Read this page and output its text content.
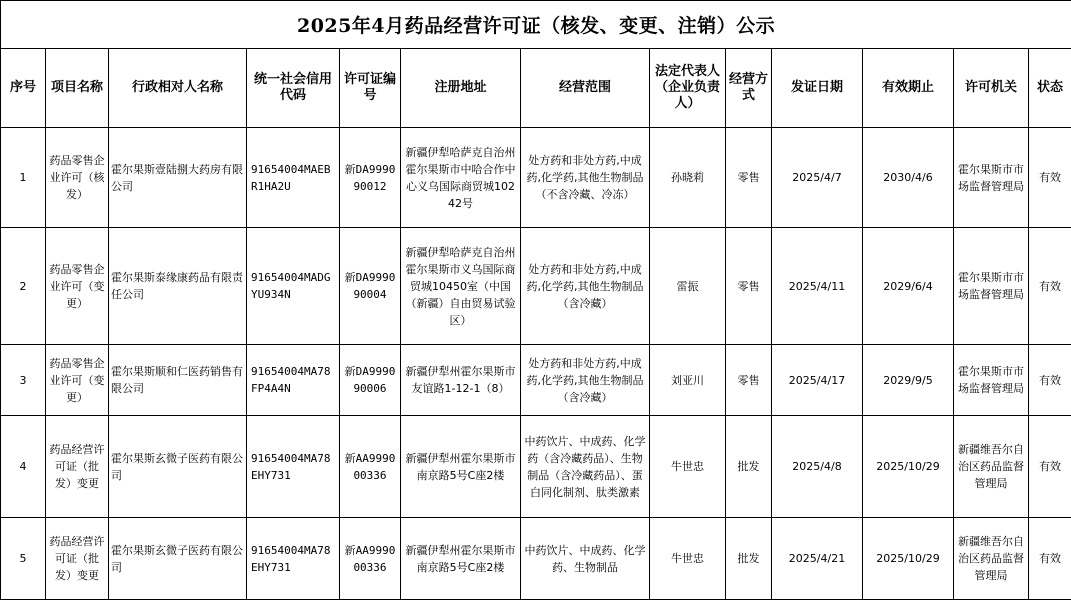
2025年4月药品经营许可证（核发、变更、注销）公示												
序号	项目名称	行政相对人名称	统一社会信用代码	许可证编号	注册地址	经营范围	法定代表人（企业负责人）	经营方式	发证日期	有效期止	许可机关	状态
1	药品零售企业许可（核发）	霍尔果斯壹陆捌大药房有限公司	91654004MAEBR1HA2U	新DA999090012	新疆伊犁哈萨克自治州霍尔果斯市中哈合作中心义乌国际商贸城10242号	处方药和非处方药,中成药,化学药,其他生物制品（不含冷藏、冷冻）	孙晓莉	零售	2025/4/7	2030/4/6	霍尔果斯市市场监督管理局	有效
2	药品零售企业许可（变更）	霍尔果斯泰缘康药品有限责任公司	91654004MADGYU934N	新DA999090004	新疆伊犁哈萨克自治州霍尔果斯市义乌国际商贸城10450室（中国（新疆）自由贸易试验区）	处方药和非处方药,中成药,化学药,其他生物制品（含冷藏）	雷振	零售	2025/4/11	2029/6/4	霍尔果斯市市场监督管理局	有效
3	药品零售企业许可（变更）	霍尔果斯顺和仁医药销售有限公司	91654004MA78FP4A4N	新DA999090006	新疆伊犁州霍尔果斯市友谊路1-12-1（8）	处方药和非处方药,中成药,化学药,其他生物制品（含冷藏）	刘亚川	零售	2025/4/17	2029/9/5	霍尔果斯市市场监督管理局	有效
4	药品经营许可证（批发）变更	霍尔果斯玄微子医药有限公司	91654004MA78EHY731	新AA999000336	新疆伊犁州霍尔果斯市南京路5号C座2楼	中药饮片、中成药、化学药（含冷藏药品）、生物制品（含冷藏药品）、蛋白同化制剂、肽类激素	牛世忠	批发	2025/4/8	2025/10/29	新疆维吾尔自治区药品监督管理局	有效
5	药品经营许可证（批发）变更	霍尔果斯玄微子医药有限公司	91654004MA78EHY731	新AA999000336	新疆伊犁州霍尔果斯市南京路5号C座2楼	中药饮片、中成药、化学药、生物制品	牛世忠	批发	2025/4/21	2025/10/29	新疆维吾尔自治区药品监督管理局	有效
